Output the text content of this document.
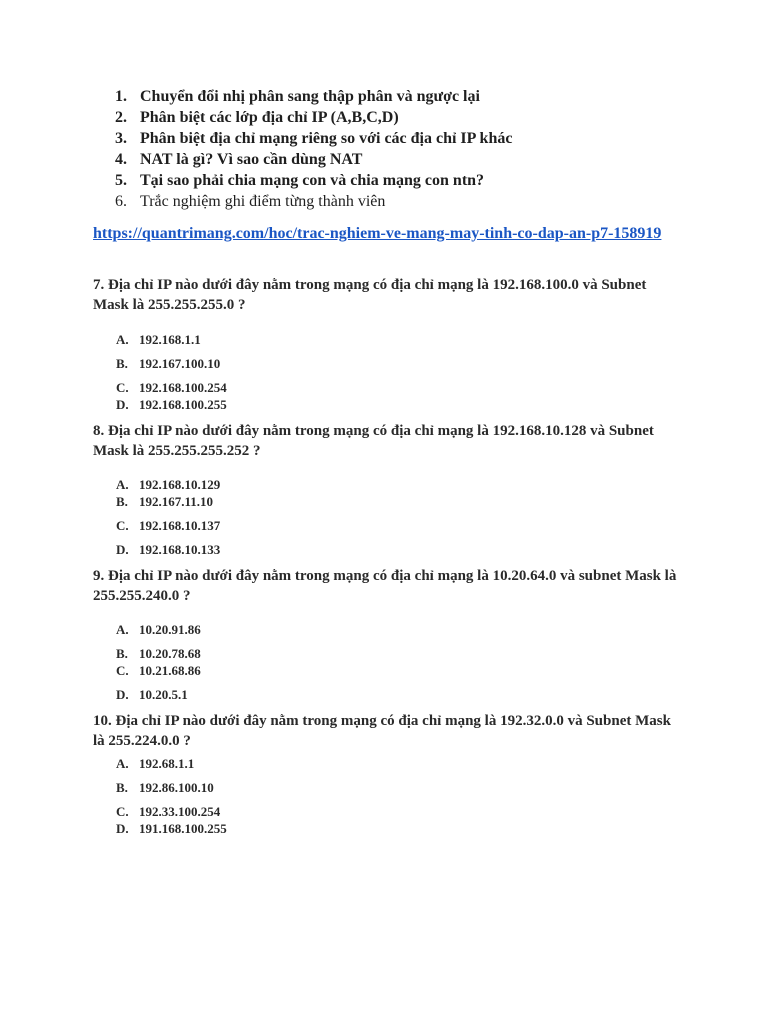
1. Chuyển đổi nhị phân sang thập phân và ngược lại
2. Phân biệt các lớp địa chỉ IP (A,B,C,D)
3. Phân biệt địa chỉ mạng riêng so với các địa chỉ IP khác
4. NAT là gì? Vì sao cần dùng NAT
5. Tại sao phải chia mạng con và chia mạng con ntn?
6. Trắc nghiệm ghi điểm từng thành viên
https://quantrimang.com/hoc/trac-nghiem-ve-mang-may-tinh-co-dap-an-p7-158919
7. Địa chỉ IP nào dưới đây nằm trong mạng có địa chỉ mạng là 192.168.100.0 và Subnet Mask là 255.255.255.0 ?
A. 192.168.1.1
B. 192.167.100.10
C. 192.168.100.254
D. 192.168.100.255
8. Địa chỉ IP nào dưới đây nằm trong mạng có địa chỉ mạng là 192.168.10.128 và Subnet Mask là 255.255.255.252 ?
A. 192.168.10.129
B. 192.167.11.10
C. 192.168.10.137
D. 192.168.10.133
9. Địa chỉ IP nào dưới đây nằm trong mạng có địa chỉ mạng là 10.20.64.0 và subnet Mask là 255.255.240.0 ?
A. 10.20.91.86
B. 10.20.78.68
C. 10.21.68.86
D. 10.20.5.1
10. Địa chỉ IP nào dưới đây nằm trong mạng có địa chỉ mạng là 192.32.0.0 và Subnet Mask là 255.224.0.0 ?
A. 192.68.1.1
B. 192.86.100.10
C. 192.33.100.254
D. 191.168.100.255
